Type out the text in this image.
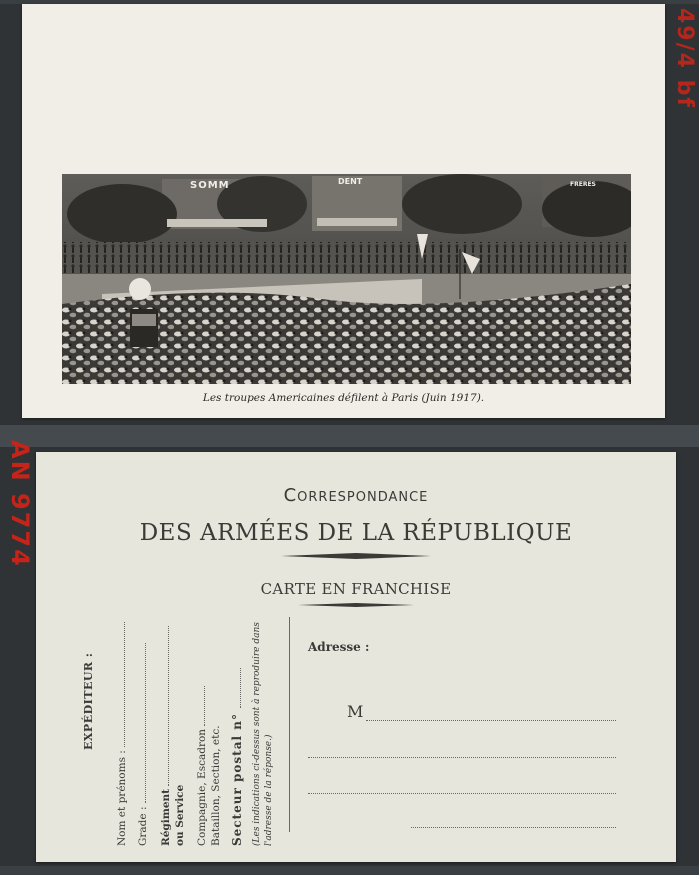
SOMM	DENT	FRERES
Les troupes Americaines défilent à Paris (Juin 1917).
Correspondance
DES ARMÉES DE LA RÉPUBLIQUE
CARTE EN FRANCHISE
EXPÉDITEUR :
Nom et prénoms : Grade : Régiment ou Service Compagnie, Escadron Bataillon, Section, etc. Secteur postal n° (Les indications ci-dessus sont à reproduire dans l'adresse de la réponse.)
Adresse :
M
49/4 bf
AN 9774
